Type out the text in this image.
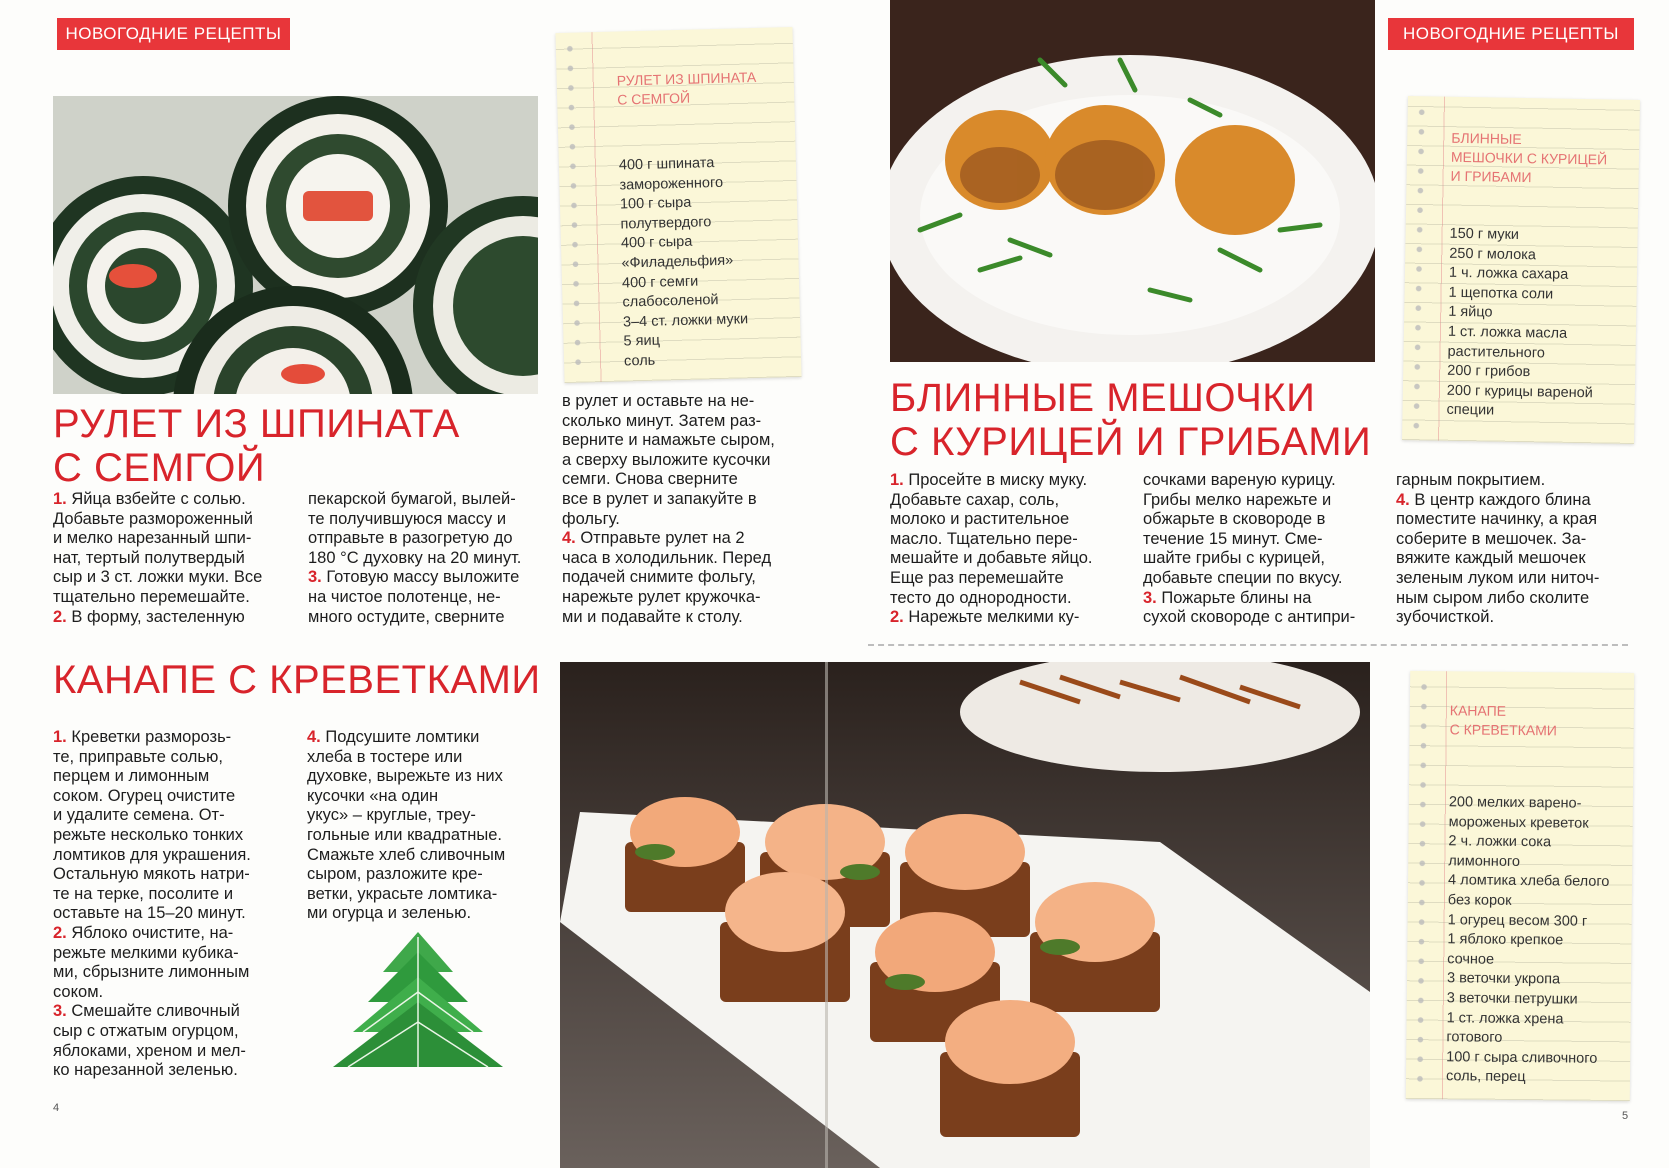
НОВОГОДНИЕ РЕЦЕПТЫ	НОВОГОДНИЕ РЕЦЕПТЫ
РУЛЕТ ИЗ ШПИНАТА
С СЕМГОЙ
400 г шпината
замороженного
100 г сыра
полутвердого
400 г сыра
«Филадельфия»
400 г семги
слабосоленой
3–4 ст. ложки муки
5 яиц
соль
РУЛЕТ ИЗ ШПИНАТА
С СЕМГОЙ
1. Яйца взбейте с солью.
Добавьте размороженный
и мелко нарезанный шпи-
нат, тертый полутвердый
сыр и 3 ст. ложки муки. Все
тщательно перемешайте.
2. В форму, застеленную
пекарской бумагой, вылей-
те получившуюся массу и
отправьте в разогретую до
180 °С духовку на 20 минут.
3. Готовую массу выложите
на чистое полотенце, не-
много остудите, сверните
в рулет и оставьте на не-
сколько минут. Затем раз-
верните и намажьте сыром,
а сверху выложите кусочки
семги. Снова сверните
все в рулет и запакуйте в
фольгу.
4. Отправьте рулет на 2
часа в холодильник. Перед
подачей снимите фольгу,
нарежьте рулет кружочка-
ми и подавайте к столу.
БЛИННЫЕ
МЕШОЧКИ С КУРИЦЕЙ
И ГРИБАМИ
150 г муки
250 г молока
1 ч. ложка сахара
1 щепотка соли
1 яйцо
1 ст. ложка масла
растительного
200 г грибов
200 г курицы вареной
специи
БЛИННЫЕ МЕШОЧКИ
С КУРИЦЕЙ И ГРИБАМИ
1. Просейте в миску муку.
Добавьте сахар, соль,
молоко и растительное
масло. Тщательно пере-
мешайте и добавьте яйцо.
Еще раз перемешайте
тесто до однородности.
2. Нарежьте мелкими ку-
сочками вареную курицу.
Грибы мелко нарежьте и
обжарьте в сковороде в
течение 15 минут. Сме-
шайте грибы с курицей,
добавьте специи по вкусу.
3. Пожарьте блины на
сухой сковороде с антипри-
гарным покрытием.
4. В центр каждого блина
поместите начинку, а края
соберите в мешочек. За-
вяжите каждый мешочек
зеленым луком или ниточ-
ным сыром либо сколите
зубочисткой.
КАНАПЕ С КРЕВЕТКАМИ
1. Креветки разморозь-
те, приправьте солью,
перцем и лимонным
соком. Огурец очистите
и удалите семена. От-
режьте несколько тонких
ломтиков для украшения.
Остальную мякоть натри-
те на терке, посолите и
оставьте на 15–20 минут.
2. Яблоко очистите, на-
режьте мелкими кубика-
ми, сбрызните лимонным
соком.
3. Смешайте сливочный
сыр с отжатым огурцом,
яблоками, хреном и мел-
ко нарезанной зеленью.
4. Подсушите ломтики
хлеба в тостере или
духовке, вырежьте из них
кусочки «на один
укус» – круглые, треу-
гольные или квадратные.
Смажьте хлеб сливочным
сыром, разложите кре-
ветки, украсьте ломтика-
ми огурца и зеленью.
КАНАПЕ
С КРЕВЕТКАМИ
200 мелких варено-
мороженых креветок
2 ч. ложки сока
лимонного
4 ломтика хлеба белого
без корок
1 огурец весом 300 г
1 яблоко крепкое
сочное
3 веточки укропа
3 веточки петрушки
1 ст. ложка хрена
готового
100 г сыра сливочного
соль, перец
4
5
